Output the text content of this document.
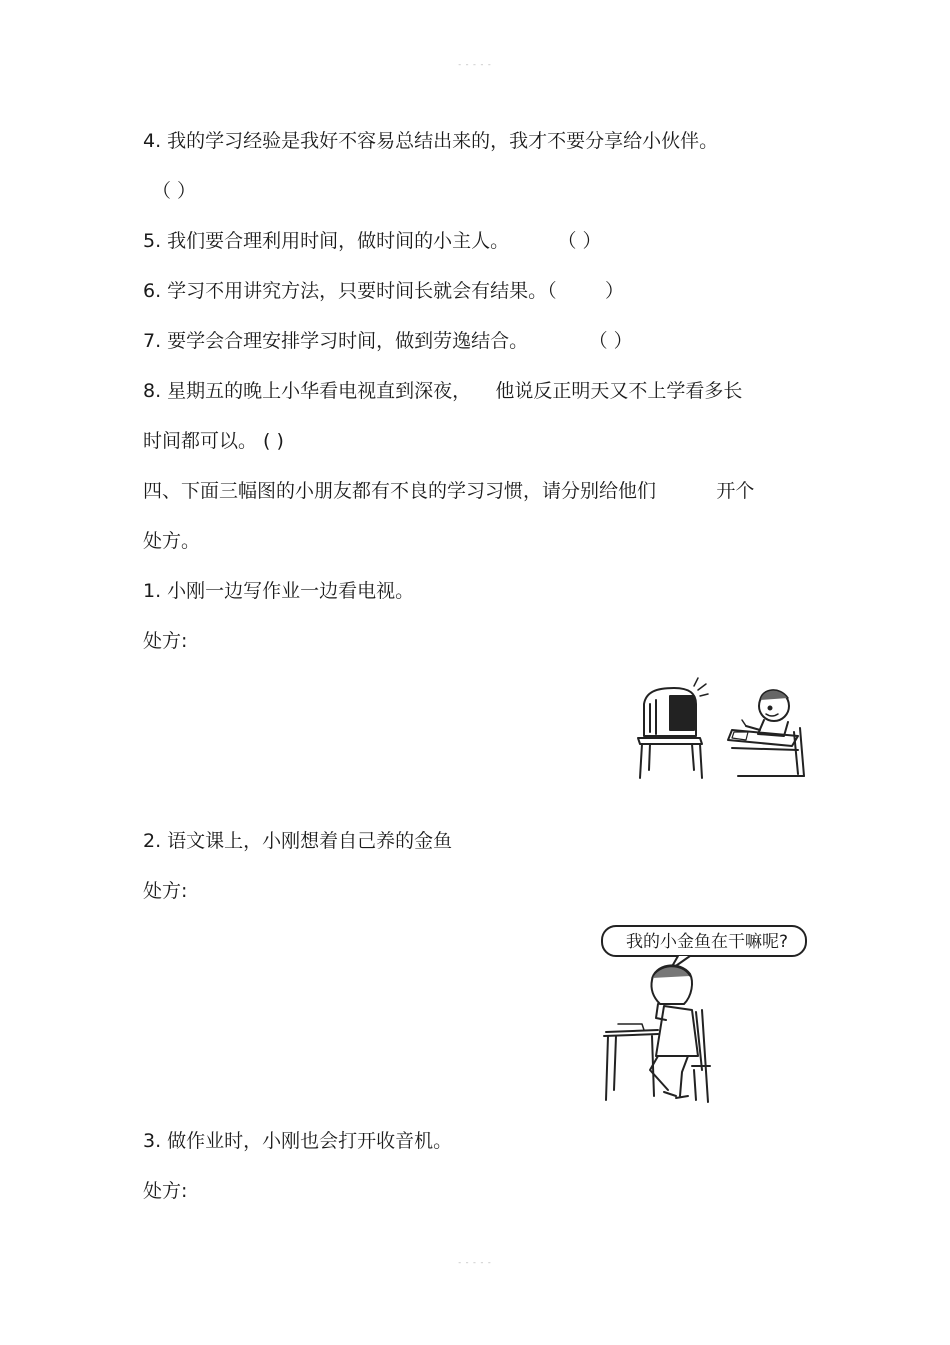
- - - - -
4. 我的学习经验是我好不容易总结出来的，我才不要分享给小伙伴。
（ ）
5. 我们要合理利用时间，做时间的小主人。        （ ）
6. 学习不用讲究方法，只要时间长就会有结果。（        ）
7. 要学会合理安排学习时间，做到劳逸结合。          （ ）
8. 星期五的晚上小华看电视直到深夜，    他说反正明天又不上学看多长
时间都可以。 ( )
四、下面三幅图的小朋友都有不良的学习习惯，请分别给他们          开个
处方。
1. 小刚一边写作业一边看电视。
处方:
2. 语文课上，小刚想着自己养的金鱼
处方:
我的小金鱼在干嘛呢?
3. 做作业时，小刚也会打开收音机。
处方:
- - - - -
